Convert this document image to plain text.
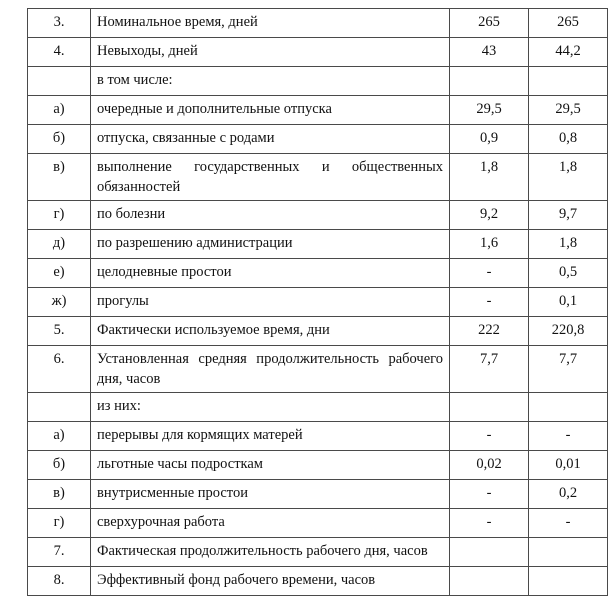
3.	Номинальное время, дней	265	265
4.	Невыходы, дней	43	44,2
	в том числе:		
а)	очередные и дополнительные отпуска	29,5	29,5
б)	отпуска, связанные с родами	0,9	0,8
в)	выполнение государственных и общественных обязанностей	1,8	1,8
г)	по болезни	9,2	9,7
д)	по разрешению администрации	1,6	1,8
е)	целодневные простои	-	0,5
ж)	прогулы	-	0,1
5.	Фактически используемое время, дни	222	220,8
6.	Установленная средняя продолжительность рабочего дня, часов	7,7	7,7
	из них:		
а)	перерывы для кормящих матерей	-	-
б)	льготные часы подросткам	0,02	0,01
в)	внутрисменные простои	-	0,2
г)	сверхурочная работа	-	-
7.	Фактическая продолжительность рабочего дня, часов		
8.	Эффективный фонд рабочего времени, часов		
